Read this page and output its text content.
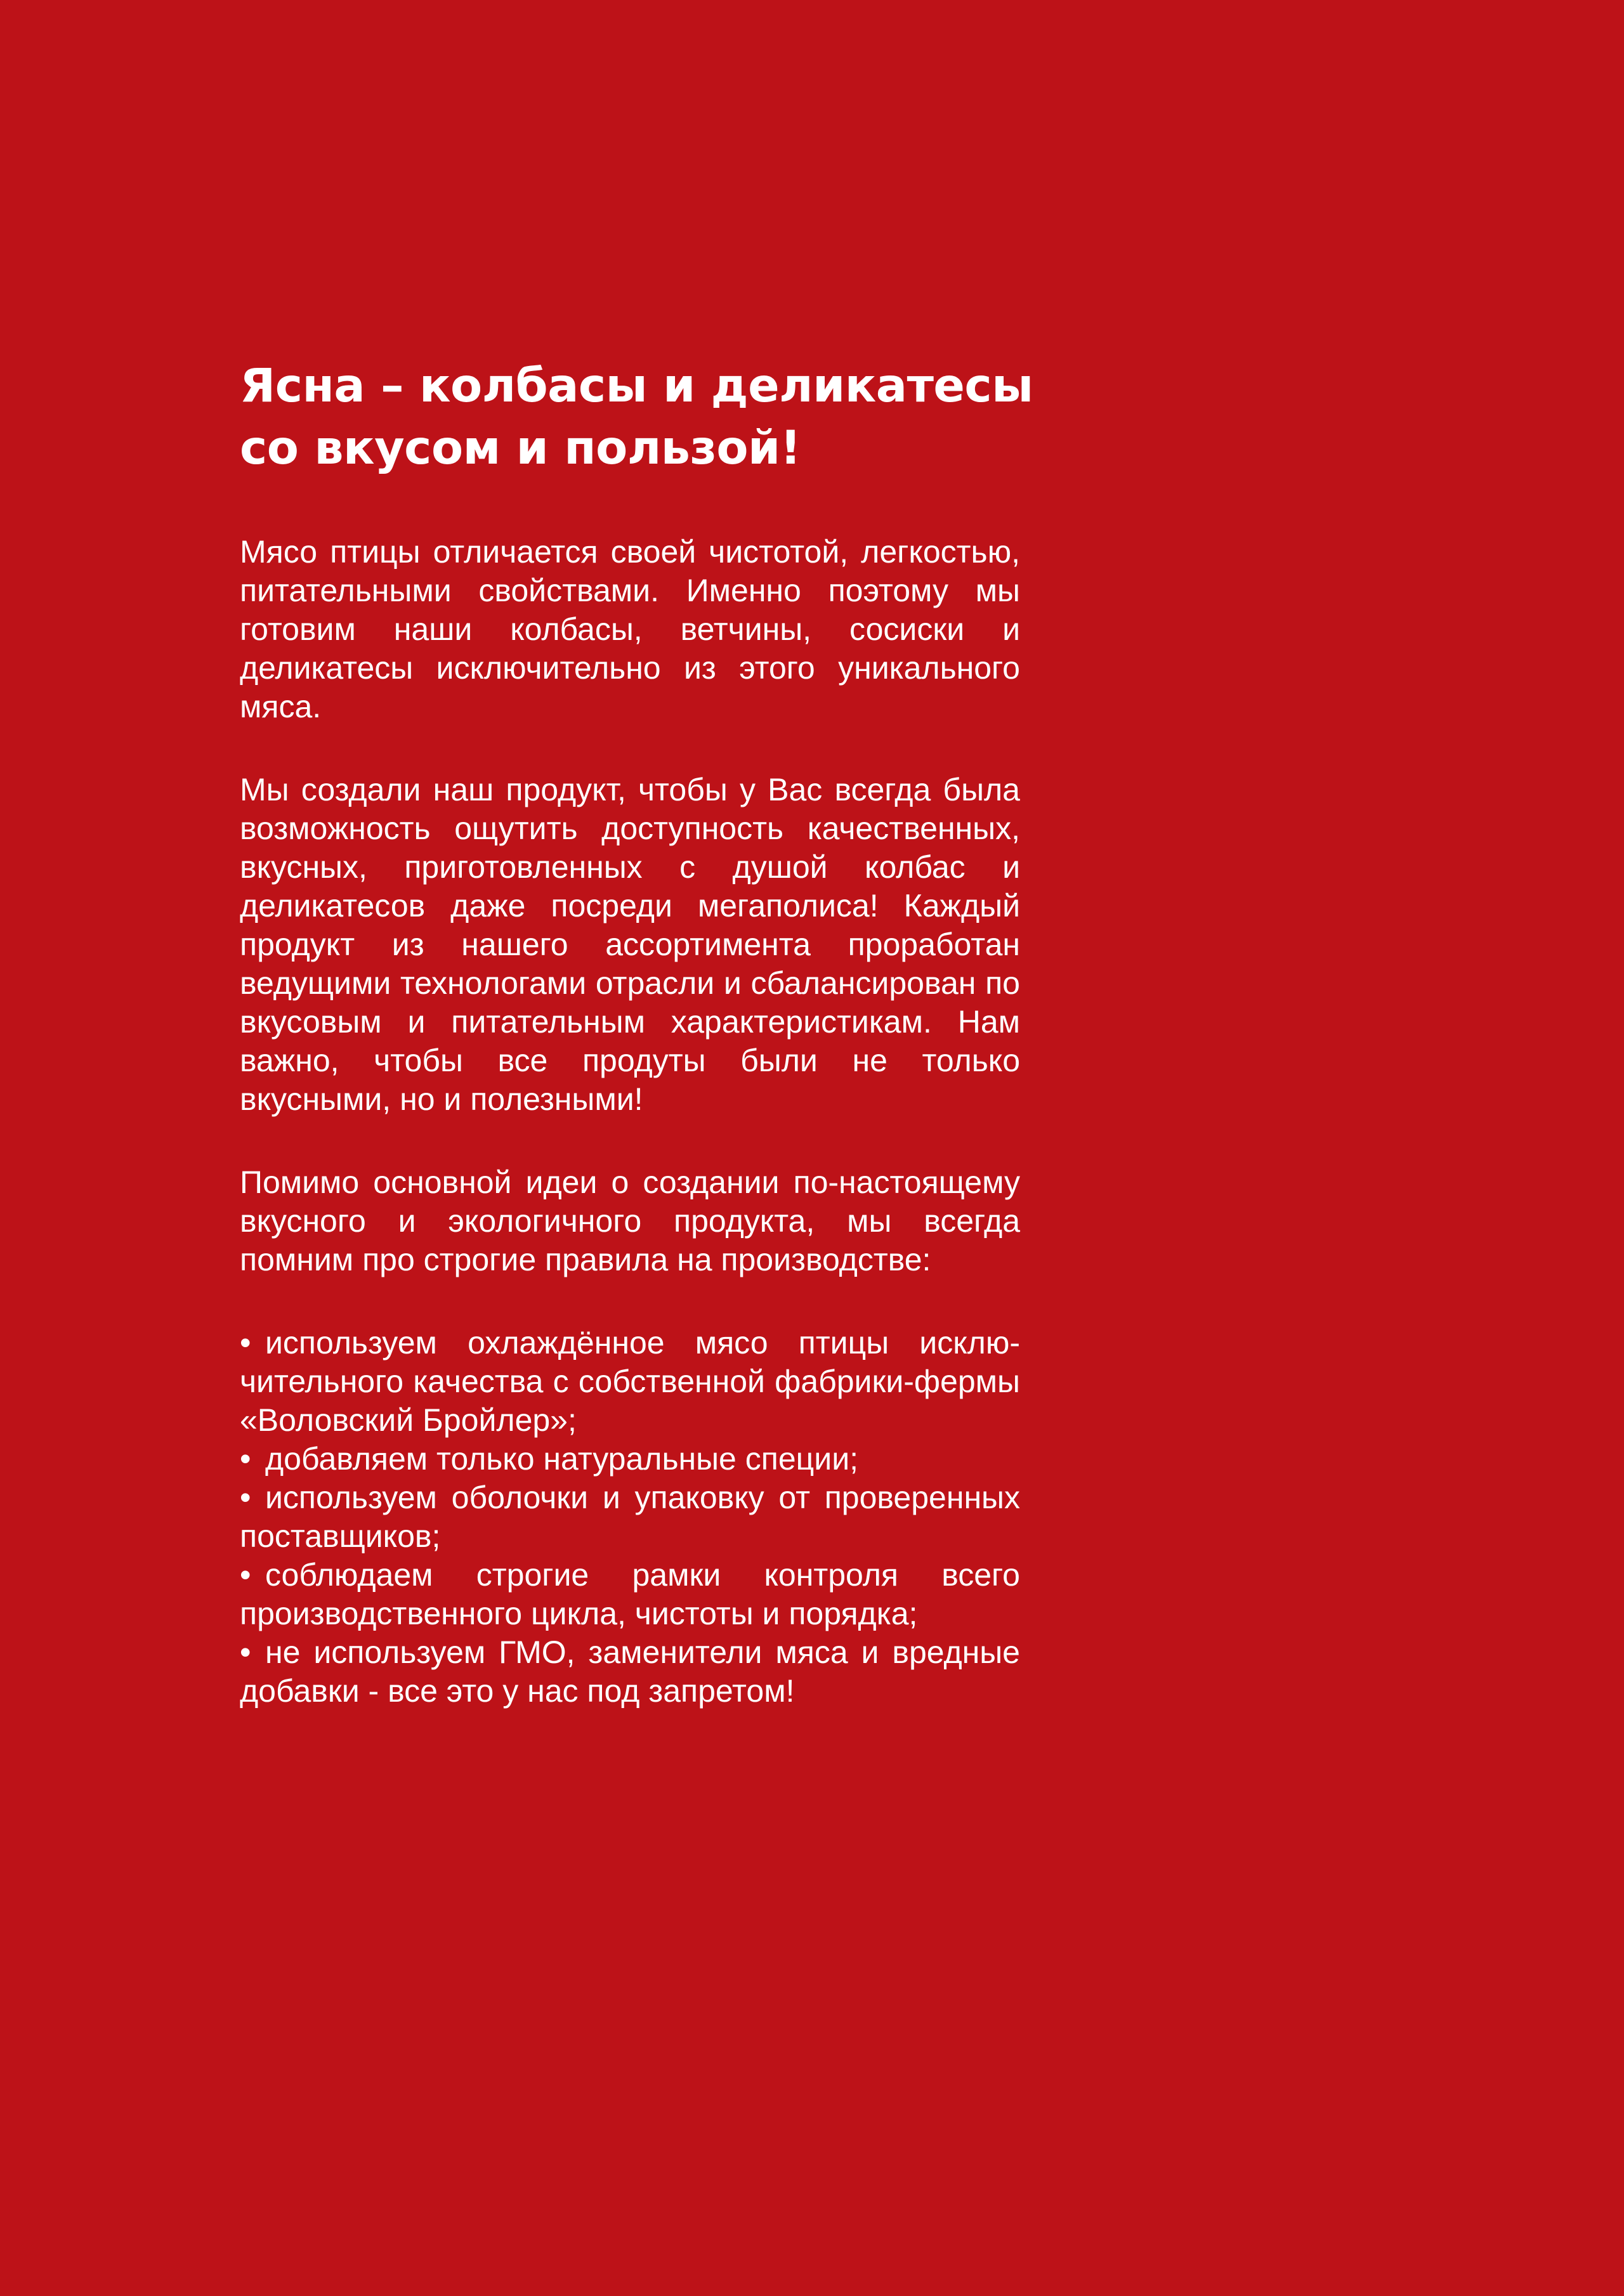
Ясна – колбасы и деликатесы
со вкусом и пользой!

Мясо птицы отличается своей чистотой, легкостью, питательными свойствами. Именно поэтому мы готовим наши колбасы, ветчины, сосиски и деликатесы исключительно из этого уникального мяса.

Мы создали наш продукт, чтобы у Вас всегда была возможность ощутить доступность качественных, вкусных, приготовленных с душой колбас и деликатесов даже посреди мегаполиса! Каждый продукт из нашего ассортимента проработан ведущими технологами отрасли и сбалансирован по вкусовым и питательным характеристикам. Нам важно, чтобы все продуты были не только вкусными, но и полезными!

Помимо основной идеи о создании по-настоящему вкусного и экологичного продукта, мы всегда помним про строгие правила на производстве:

• используем охлаждённое мясо птицы исключительного качества с собственной фабрики-фермы «Воловский Бройлер»;
• добавляем только натуральные специи;
• используем оболочки и упаковку от проверенных поставщиков;
• соблюдаем строгие рамки контроля всего производственного цикла, чистоты и порядка;
• не используем ГМО, заменители мяса и вредные добавки - все это у нас под запретом!
